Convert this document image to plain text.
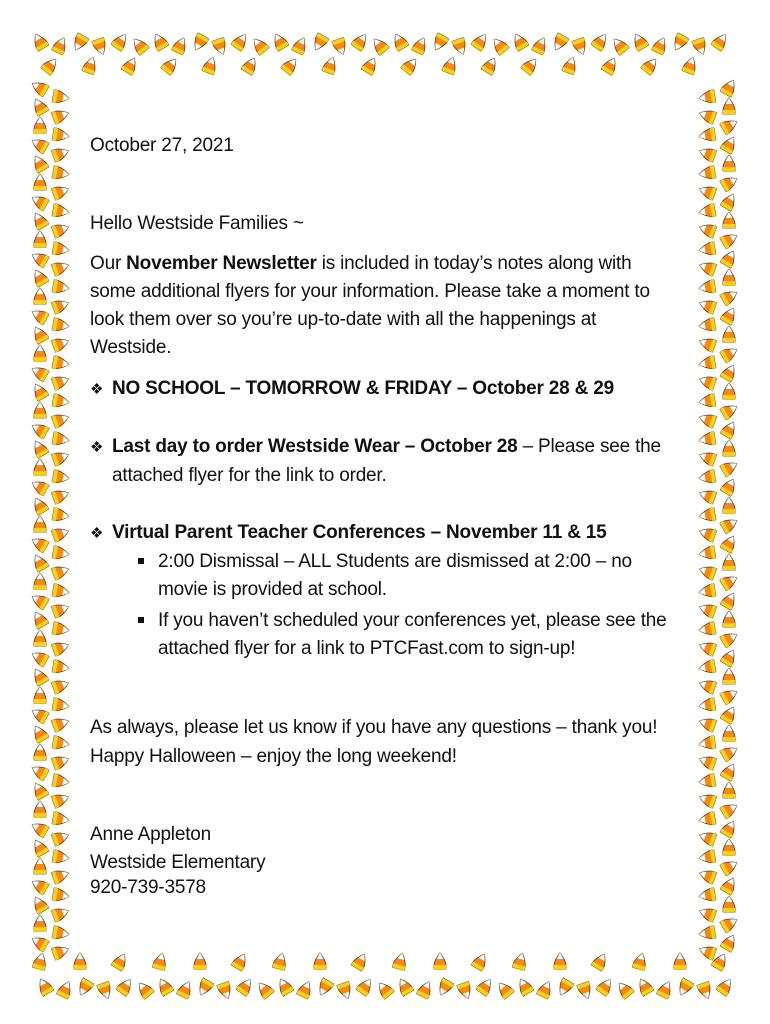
October 27, 2021
Hello Westside Families ~
Our November Newsletter is included in today’s notes along with some additional flyers for your information. Please take a moment to look them over so you’re up-to-date with all the happenings at Westside.
❖ NO SCHOOL – TOMORROW & FRIDAY – October 28 & 29
❖ Last day to order Westside Wear – October 28 – Please see the
attached flyer for the link to order.
❖ Virtual Parent Teacher Conferences – November 11 & 15
2:00 Dismissal – ALL Students are dismissed at 2:00 – no movie is provided at school.
If you haven’t scheduled your conferences yet, please see the attached flyer for a link to PTCFast.com to sign-up!
As always, please let us know if you have any questions – thank you!
Happy Halloween – enjoy the long weekend!
Anne Appleton
Westside Elementary
920-739-3578
